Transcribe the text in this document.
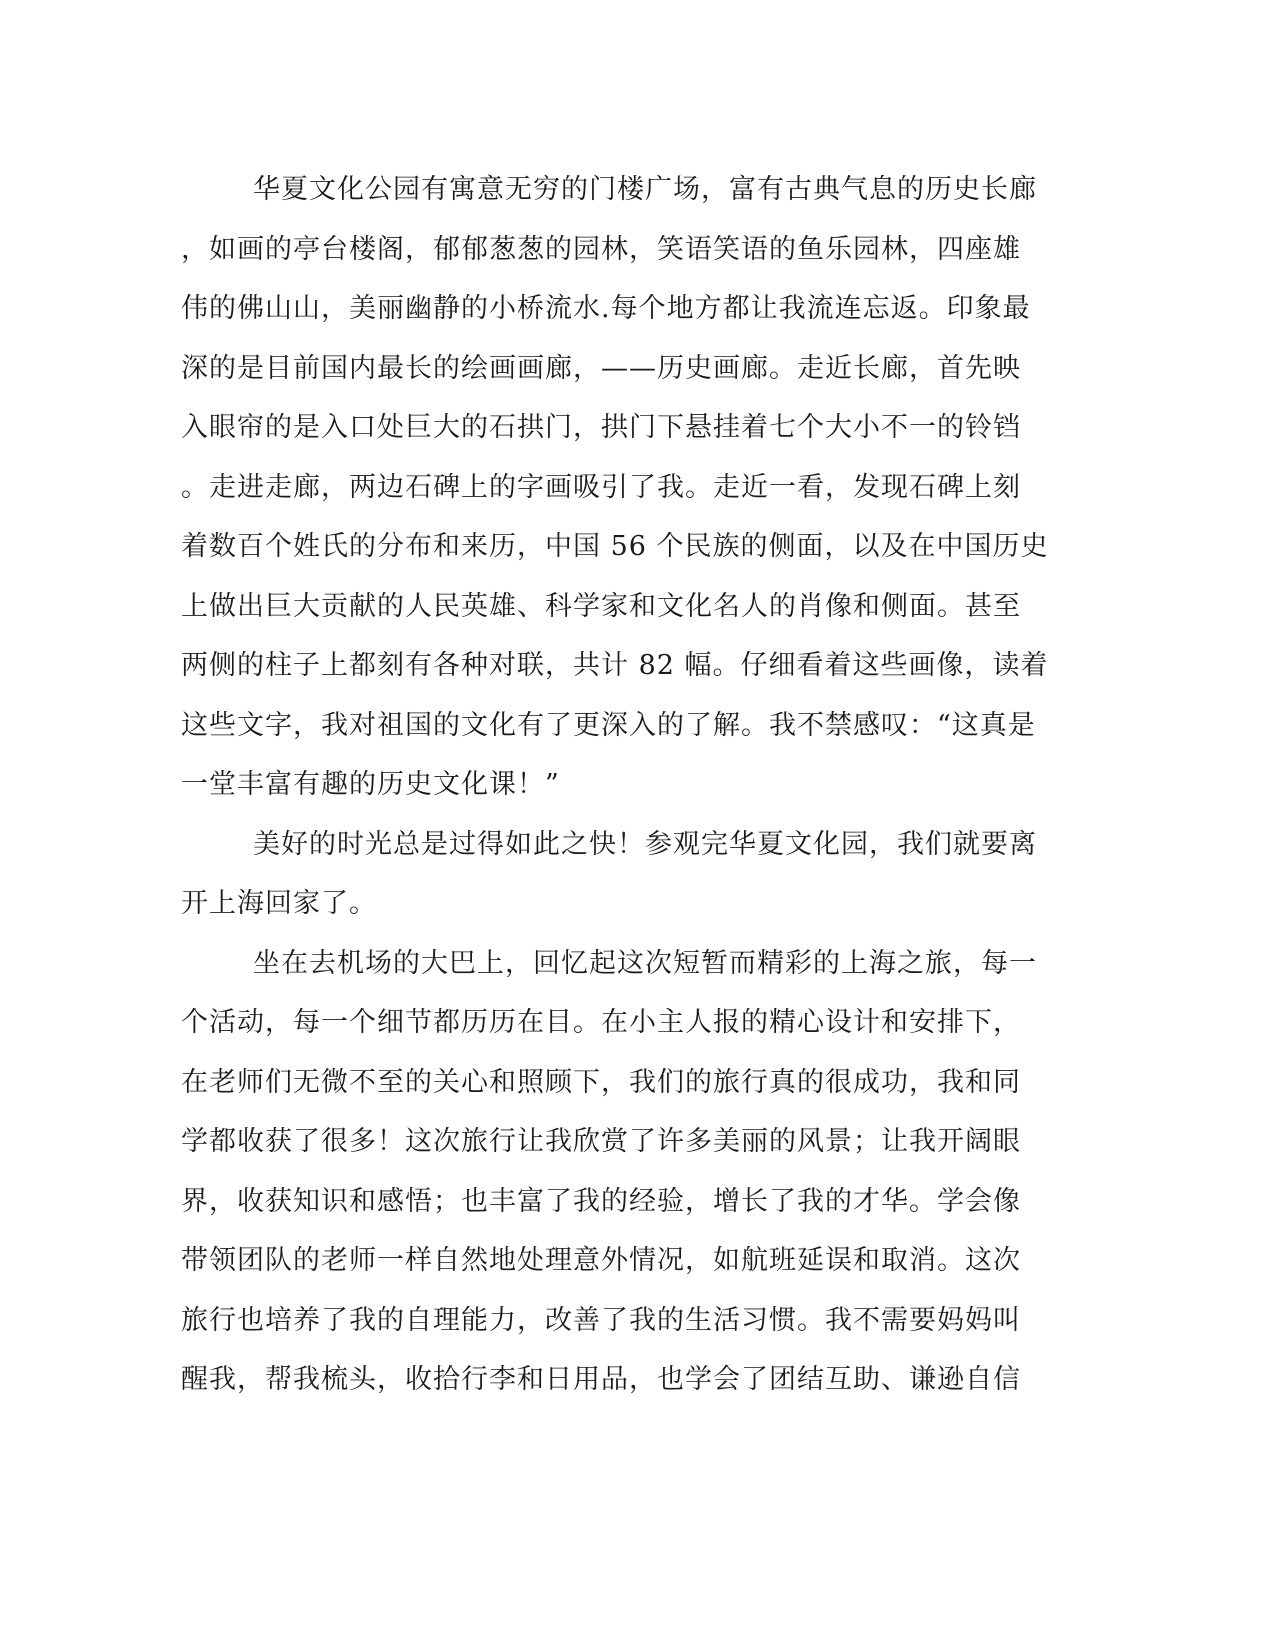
华夏文化公园有寓意无穷的门楼广场，富有古典气息的历史长廊
，如画的亭台楼阁，郁郁葱葱的园林，笑语笑语的鱼乐园林，四座雄
伟的佛山山，美丽幽静的小桥流水.每个地方都让我流连忘返。印象最
深的是目前国内最长的绘画画廊，——历史画廊。走近长廊，首先映
入眼帘的是入口处巨大的石拱门，拱门下悬挂着七个大小不一的铃铛
。走进走廊，两边石碑上的字画吸引了我。走近一看，发现石碑上刻
着数百个姓氏的分布和来历，中国 56 个民族的侧面，以及在中国历史
上做出巨大贡献的人民英雄、科学家和文化名人的肖像和侧面。甚至
两侧的柱子上都刻有各种对联，共计 82 幅。仔细看着这些画像，读着
这些文字，我对祖国的文化有了更深入的了解。我不禁感叹：“这真是
一堂丰富有趣的历史文化课！”
美好的时光总是过得如此之快！参观完华夏文化园，我们就要离
开上海回家了。
坐在去机场的大巴上，回忆起这次短暂而精彩的上海之旅，每一
个活动，每一个细节都历历在目。在小主人报的精心设计和安排下，
在老师们无微不至的关心和照顾下，我们的旅行真的很成功，我和同
学都收获了很多！这次旅行让我欣赏了许多美丽的风景；让我开阔眼
界，收获知识和感悟；也丰富了我的经验，增长了我的才华。学会像
带领团队的老师一样自然地处理意外情况，如航班延误和取消。这次
旅行也培养了我的自理能力，改善了我的生活习惯。我不需要妈妈叫
醒我，帮我梳头，收拾行李和日用品，也学会了团结互助、谦逊自信
